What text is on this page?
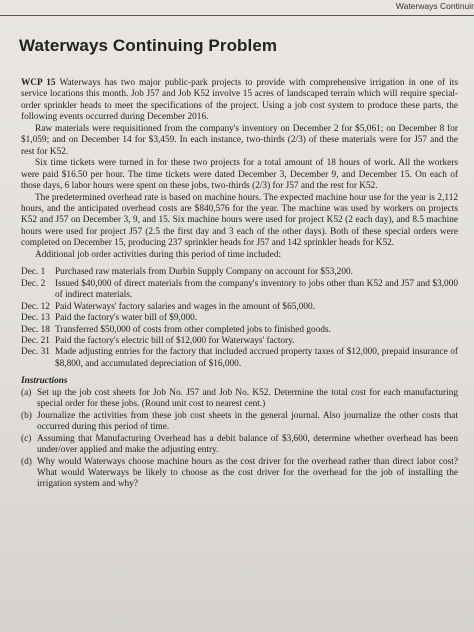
Waterways Continuir
Waterways Continuing Problem

WCP 15 Waterways has two major public-park projects to provide with comprehensive irrigation in one of its service locations this month. Job J57 and Job K52 involve 15 acres of landscaped terrain which will require special-order sprinkler heads to meet the specifications of the project. Using a job cost system to produce these parts, the following events occurred during December 2016.

Raw materials were requisitioned from the company's inventory on December 2 for $5,061; on December 8 for $1,059; and on December 14 for $3,459. In each instance, two-thirds (2/3) of these materials were for J57 and the rest for K52.

Six time tickets were turned in for these two projects for a total amount of 18 hours of work. All the workers were paid $16.50 per hour. The time tickets were dated December 3, December 9, and December 15. On each of those days, 6 labor hours were spent on these jobs, two-thirds (2/3) for J57 and the rest for K52.

The predetermined overhead rate is based on machine hours. The expected machine hour use for the year is 2,112 hours, and the anticipated overhead costs are $840,576 for the year. The machine was used by workers on projects K52 and J57 on December 3, 9, and 15. Six machine hours were used for project K52 (2 each day), and 8.5 machine hours were used for project J57 (2.5 the first day and 3 each of the other days). Both of these special orders were completed on December 15, producing 237 sprinkler heads for J57 and 142 sprinkler heads for K52.

Additional job order activities during this period of time included:

Dec. 1	Purchased raw materials from Durbin Supply Company on account for $53,200.
Dec. 2	Issued $40,000 of direct materials from the company's inventory to jobs other than K52 and J57 and $3,000 of indirect materials.
Dec. 12 Paid Waterways' factory salaries and wages in the amount of $65,000.
Dec. 13 Paid the factory's water bill of $9,000.
Dec. 18 Transferred $50,000 of costs from other completed jobs to finished goods.
Dec. 21 Paid the factory's electric bill of $12,000 for Waterways' factory.
Dec. 31 Made adjusting entries for the factory that included accrued property taxes of $12,000, prepaid insurance of $8,800, and accumulated depreciation of $16,000.
Instructions
(a) Set up the job cost sheets for Job No. J57 and Job No. K52. Determine the total cost for each manufacturing special order for these jobs. (Round unit cost to nearest cent.)
(b) Journalize the activities from these job cost sheets in the general journal. Also journalize the other costs that occurred during this period of time.
(c) Assuming that Manufacturing Overhead has a debit balance of $3,600, determine whether overhead has been under/over applied and make the adjusting entry.
(d) Why would Waterways choose machine hours as the cost driver for the overhead rather than direct labor cost? What would Waterways be likely to choose as the cost driver for the overhead for the job of installing the irrigation system and why?
